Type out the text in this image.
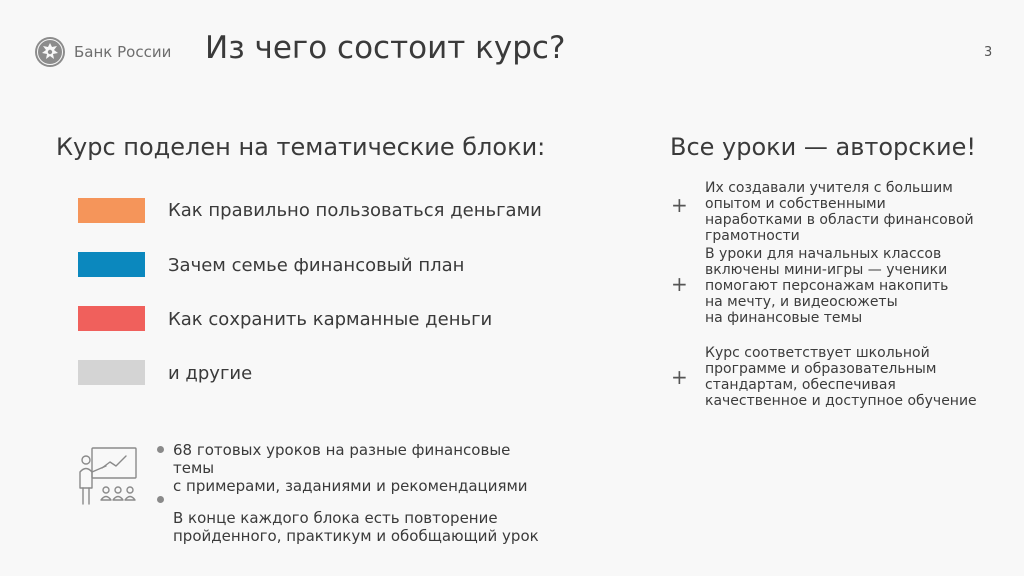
Банк России Из чего состоит курс?	3
Курс поделен на тематические блоки:
Как правильно пользоваться деньгами
Зачем семье финансовый план
Как сохранить карманные деньги
и другие
Все уроки — авторские!
+
Их создавали учителя с большим
опытом и собственными
наработками в области финансовой
грамотности
+
В уроки для начальных классов
включены мини-игры — ученики
помогают персонажам накопить
на мечту, и видеосюжеты
на финансовые темы
+
Курс соответствует школьной
программе и образовательным
стандартам, обеспечивая
качественное и доступное обучение
68 готовых уроков на разные финансовые
темы
с примерами, заданиями и рекомендациями
В конце каждого блока есть повторение
пройденного, практикум и обобщающий урок
